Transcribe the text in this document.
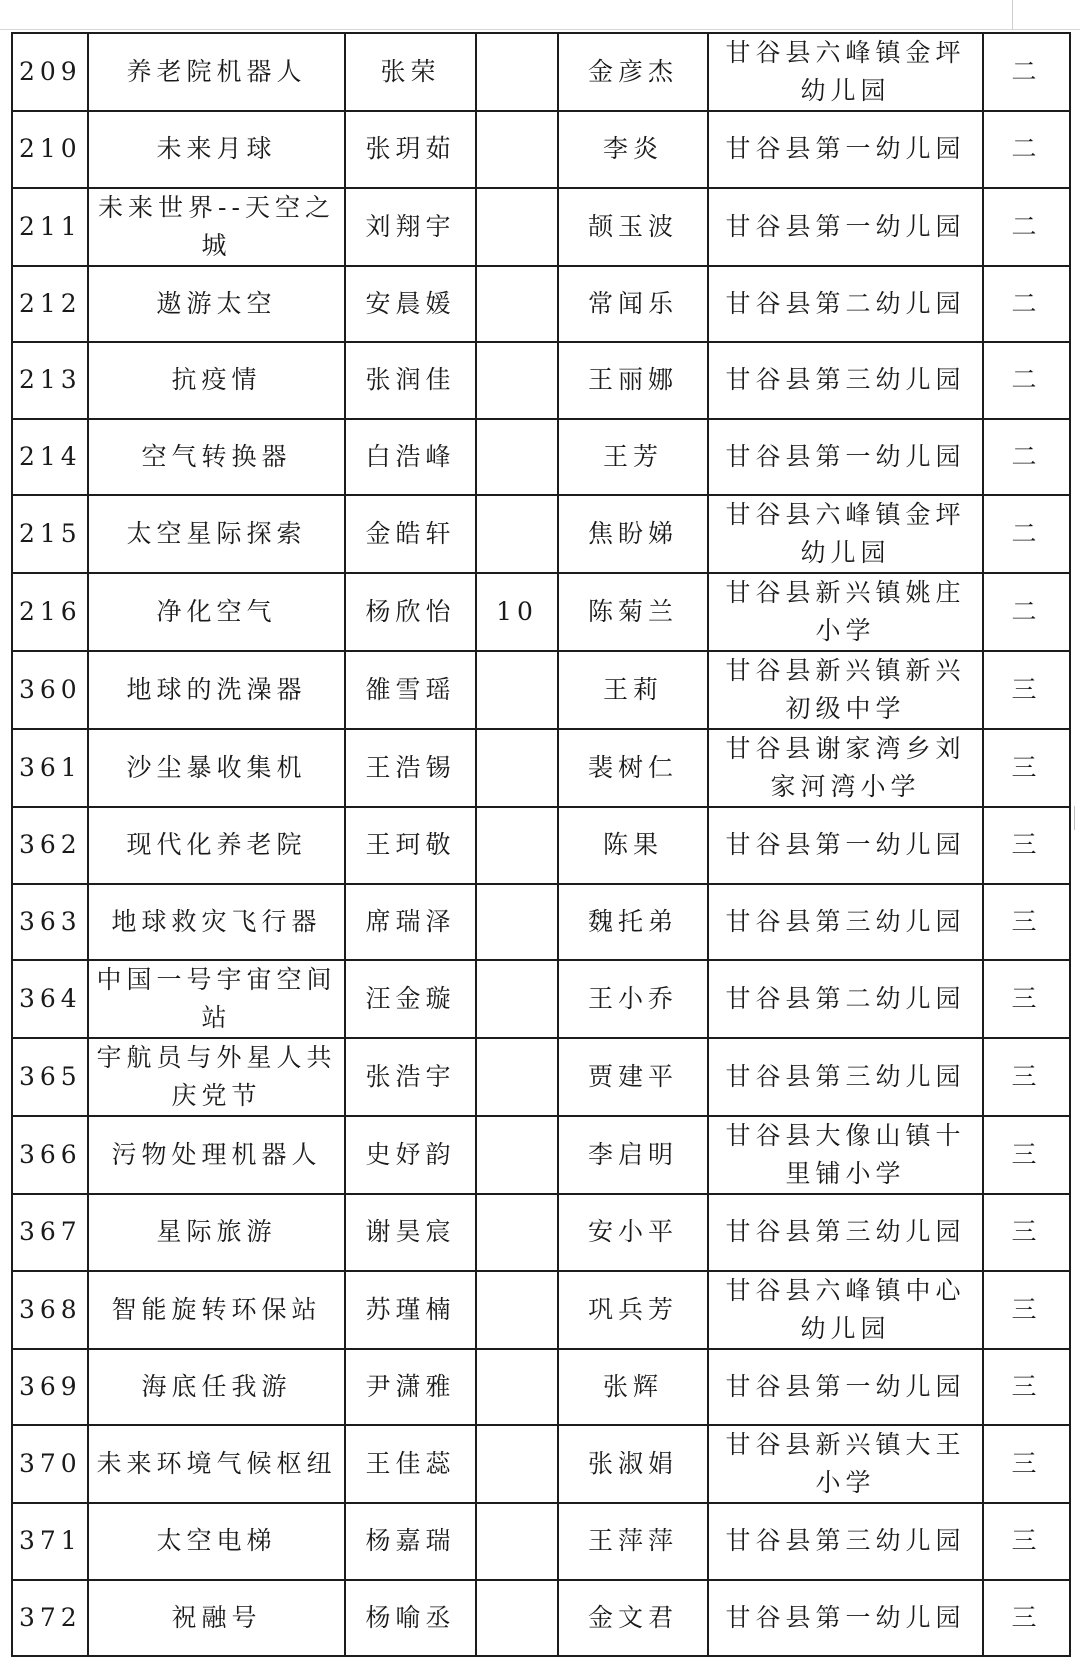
209	养老院机器人	张荣		金彦杰	甘谷县六峰镇金坪幼儿园	二
210	未来月球	张玥茹		李炎	甘谷县第一幼儿园	二
211	未来世界--天空之城	刘翔宇		颉玉波	甘谷县第一幼儿园	二
212	遨游太空	安晨媛		常闻乐	甘谷县第二幼儿园	二
213	抗疫情	张润佳		王丽娜	甘谷县第三幼儿园	二
214	空气转换器	白浩峰		王芳	甘谷县第一幼儿园	二
215	太空星际探索	金皓轩		焦盼娣	甘谷县六峰镇金坪幼儿园	二
216	净化空气	杨欣怡	10	陈菊兰	甘谷县新兴镇姚庄小学	二
360	地球的洗澡器	雒雪瑶		王莉	甘谷县新兴镇新兴初级中学	三
361	沙尘暴收集机	王浩锡		裴树仁	甘谷县谢家湾乡刘家河湾小学	三
362	现代化养老院	王珂敬		陈果	甘谷县第一幼儿园	三
363	地球救灾飞行器	席瑞泽		魏托弟	甘谷县第三幼儿园	三
364	中国一号宇宙空间站	汪金璇		王小乔	甘谷县第二幼儿园	三
365	宇航员与外星人共庆党节	张浩宇		贾建平	甘谷县第三幼儿园	三
366	污物处理机器人	史妤韵		李启明	甘谷县大像山镇十里铺小学	三
367	星际旅游	谢昊宸		安小平	甘谷县第三幼儿园	三
368	智能旋转环保站	苏瑾楠		巩兵芳	甘谷县六峰镇中心幼儿园	三
369	海底任我游	尹潇雅		张辉	甘谷县第一幼儿园	三
370	未来环境气候枢纽	王佳蕊		张淑娟	甘谷县新兴镇大王小学	三
371	太空电梯	杨嘉瑞		王萍萍	甘谷县第三幼儿园	三
372	祝融号	杨喻丞		金文君	甘谷县第一幼儿园	三
